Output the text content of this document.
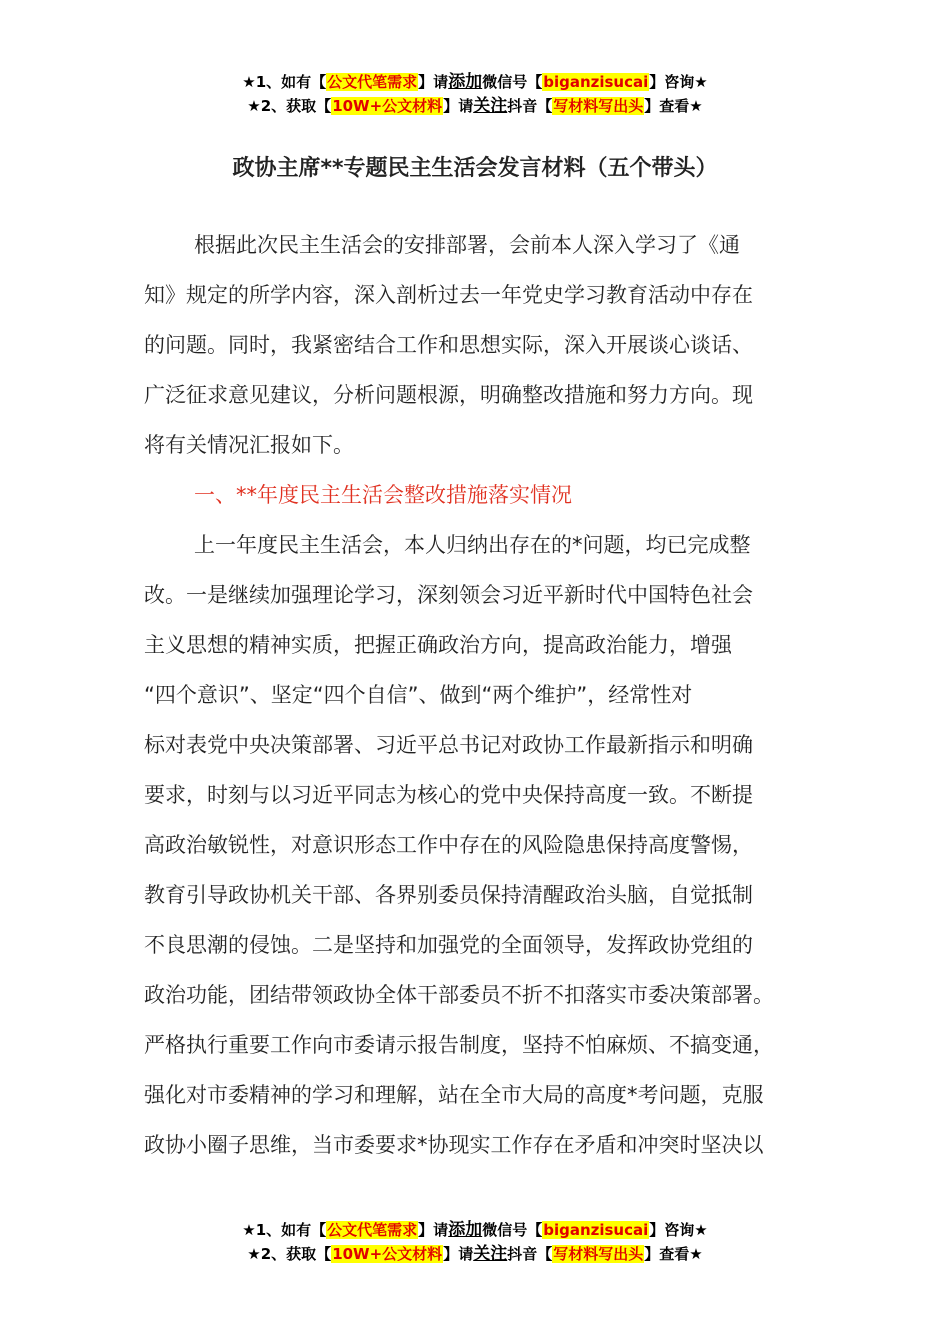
★1、如有【公文代笔需求】请添加微信号【biganzisucai】咨询★
★2、获取【10W+公文材料】请关注抖音【写材料写出头】查看★
政协主席**专题民主生活会发言材料（五个带头）
根据此次民主生活会的安排部署，会前本人深入学习了《通
知》规定的所学内容，深入剖析过去一年党史学习教育活动中存在
的问题。同时，我紧密结合工作和思想实际，深入开展谈心谈话、
广泛征求意见建议，分析问题根源，明确整改措施和努力方向。现
将有关情况汇报如下。
一、**年度民主生活会整改措施落实情况
上一年度民主生活会，本人归纳出存在的*问题，均已完成整
改。一是继续加强理论学习，深刻领会习近平新时代中国特色社会
主义思想的精神实质，把握正确政治方向，提高政治能力，增强
“四个意识”、坚定“四个自信”、做到“两个维护”，经常性对
标对表党中央决策部署、习近平总书记对政协工作最新指示和明确
要求，时刻与以习近平同志为核心的党中央保持高度一致。不断提
高政治敏锐性，对意识形态工作中存在的风险隐患保持高度警惕，
教育引导政协机关干部、各界别委员保持清醒政治头脑，自觉抵制
不良思潮的侵蚀。二是坚持和加强党的全面领导，发挥政协党组的
政治功能，团结带领政协全体干部委员不折不扣落实市委决策部署。
严格执行重要工作向市委请示报告制度，坚持不怕麻烦、不搞变通，
强化对市委精神的学习和理解，站在全市大局的高度*考问题，克服
政协小圈子思维，当市委要求*协现实工作存在矛盾和冲突时坚决以
★1、如有【公文代笔需求】请添加微信号【biganzisucai】咨询★
★2、获取【10W+公文材料】请关注抖音【写材料写出头】查看★
